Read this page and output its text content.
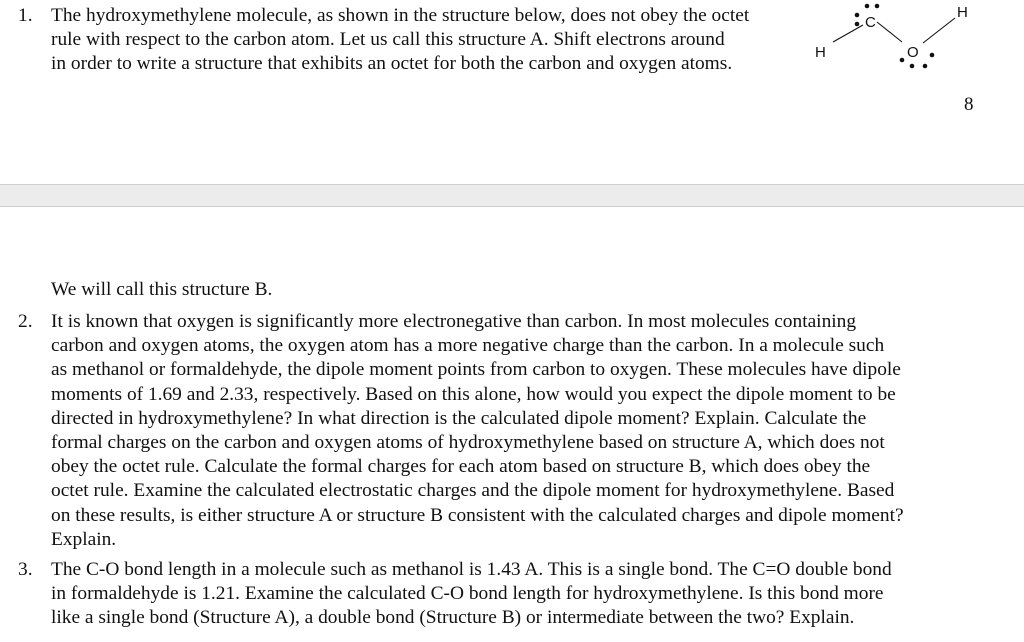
1. The hydroxymethylene molecule, as shown in the structure below, does not obey the octet
rule with respect to the carbon atom. Let us call this structure A. Shift electrons around
in order to write a structure that exhibits an octet for both the carbon and oxygen atoms.
H
C
O
H
8
We will call this structure B.
2. It is known that oxygen is significantly more electronegative than carbon. In most molecules containing
carbon and oxygen atoms, the oxygen atom has a more negative charge than the carbon. In a molecule such
as methanol or formaldehyde, the dipole moment points from carbon to oxygen. These molecules have dipole
moments of 1.69 and 2.33, respectively. Based on this alone, how would you expect the dipole moment to be
directed in hydroxymethylene? In what direction is the calculated dipole moment? Explain. Calculate the
formal charges on the carbon and oxygen atoms of hydroxymethylene based on structure A, which does not
obey the octet rule. Calculate the formal charges for each atom based on structure B, which does obey the
octet rule. Examine the calculated electrostatic charges and the dipole moment for hydroxymethylene. Based
on these results, is either structure A or structure B consistent with the calculated charges and dipole moment?
Explain.
3. The C-O bond length in a molecule such as methanol is 1.43 A. This is a single bond. The C=O double bond
in formaldehyde is 1.21. Examine the calculated C-O bond length for hydroxymethylene. Is this bond more
like a single bond (Structure A), a double bond (Structure B) or intermediate between the two? Explain.
